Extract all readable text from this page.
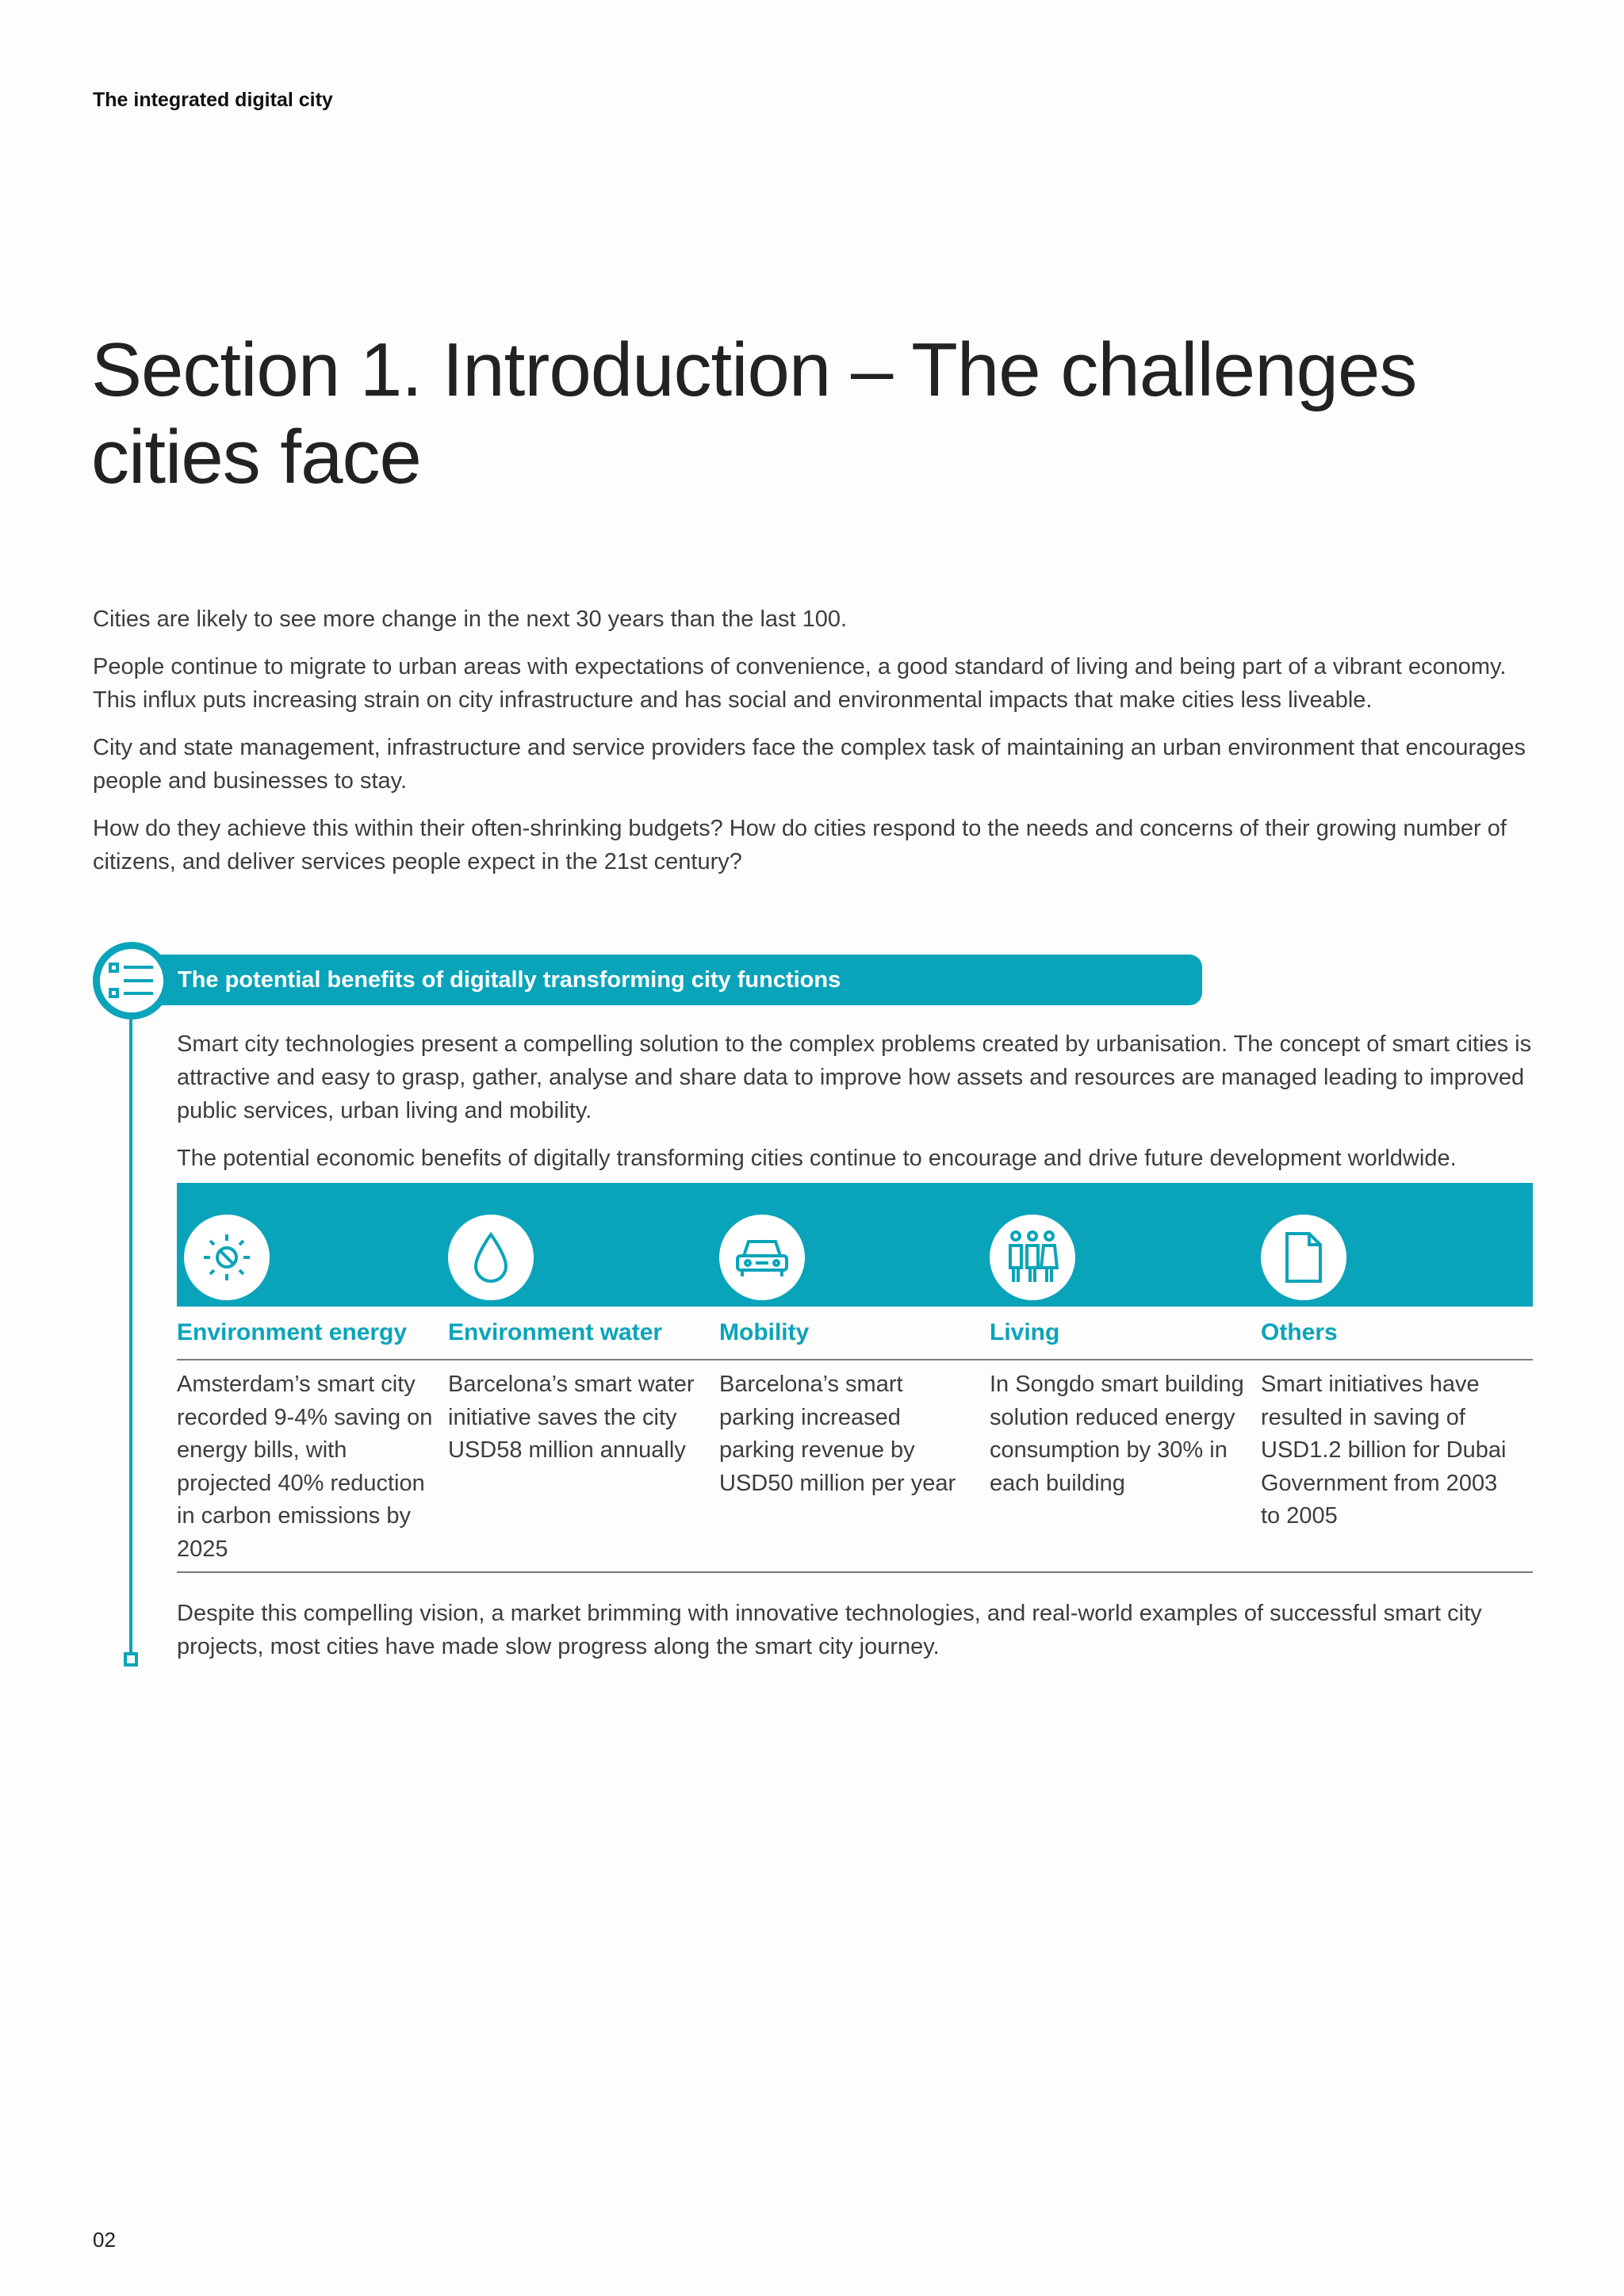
The integrated digital city
Section 1. Introduction – The challenges cities face

Cities are likely to see more change in the next 30 years than the last 100.

People continue to migrate to urban areas with expectations of convenience, a good standard of living and being part of a vibrant economy. This influx puts increasing strain on city infrastructure and has social and environmental impacts that make cities less liveable.

City and state management, infrastructure and service providers face the complex task of maintaining an urban environment that encourages people and businesses to stay.

How do they achieve this within their often-shrinking budgets? How do cities respond to the needs and concerns of their growing number of citizens, and deliver services people expect in the 21st century?

The potential benefits of digitally transforming city functions

Smart city technologies present a compelling solution to the complex problems created by urbanisation. The concept of smart cities is attractive and easy to grasp, gather, analyse and share data to improve how assets and resources are managed leading to improved public services, urban living and mobility.

The potential economic benefits of digitally transforming cities continue to encourage and drive future development worldwide.

Environment energy Environment water Mobility	Living	Others
Amsterdam’s smart city recorded 9-4% saving on energy bills, with projected 40% reduction in carbon emissions by 2025
Barcelona’s smart water initiative saves the city USD58 million annually
Barcelona’s smart parking increased parking revenue by USD50 million per year
In Songdo smart building solution reduced energy consumption by 30% in each building
Smart initiatives have resulted in saving of USD1.2 billion for Dubai Government from 2003 to 2005

Despite this compelling vision, a market brimming with innovative technologies, and real-world examples of successful smart city projects, most cities have made slow progress along the smart city journey.

02
